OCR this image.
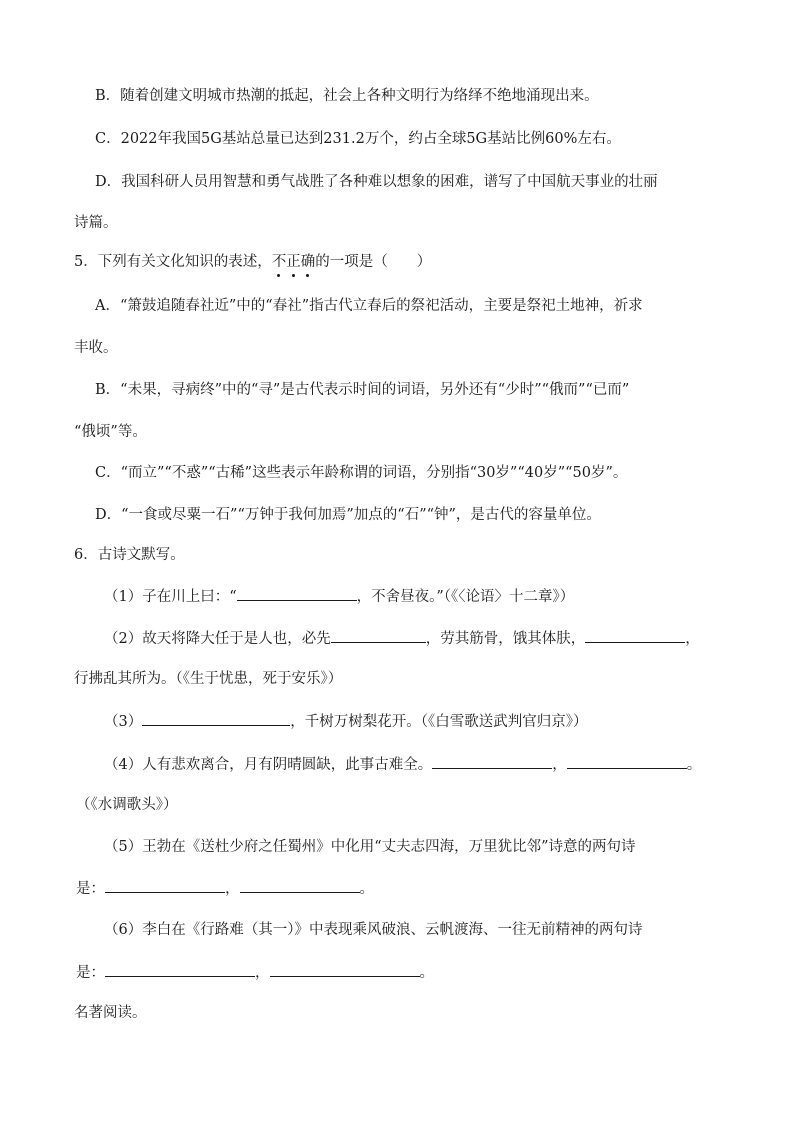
B．随着创建文明城市热潮的抵起，社会上各种文明行为络绎不绝地涌现出来。
C．2022年我国5G基站总量已达到231.2万个，约占全球5G基站比例60%左右。
D．我国科研人员用智慧和勇气战胜了各种难以想象的困难，谱写了中国航天事业的壮丽
诗篇。
5．下列有关文化知识的表述，不正确的一项是（　　）
A．“箫鼓追随春社近”中的“春社”指古代立春后的祭祀活动，主要是祭祀土地神，祈求
丰收。
B．“未果，寻病终”中的“寻”是古代表示时间的词语，另外还有“少时”“俄而”“已而”
“俄顷”等。
C．“而立”“不惑”“古稀”这些表示年龄称谓的词语，分别指“30岁”“40岁”“50岁”。
D．“一食或尽粟一石”“万钟于我何加焉”加点的“石”“钟”，是古代的容量单位。
6．古诗文默写。
（1）子在川上曰：“	，不舍昼夜。”（《〈论语〉十二章》）
（2）故天将降大任于是人也，必先	，劳其筋骨，饿其体肤，	，
行拂乱其所为。（《生于忧患，死于安乐》）
（3）	，千树万树梨花开。（《白雪歌送武判官归京》）
（4）人有悲欢离合，月有阴晴圆缺，此事古难全。	，	。
（《水调歌头》）
（5）王勃在《送杜少府之任蜀州》中化用“丈夫志四海，万里犹比邻”诗意的两句诗
是：	，	。
（6）李白在《行路难（其一）》中表现乘风破浪、云帆渡海、一往无前精神的两句诗
是：	，	。
名著阅读。
